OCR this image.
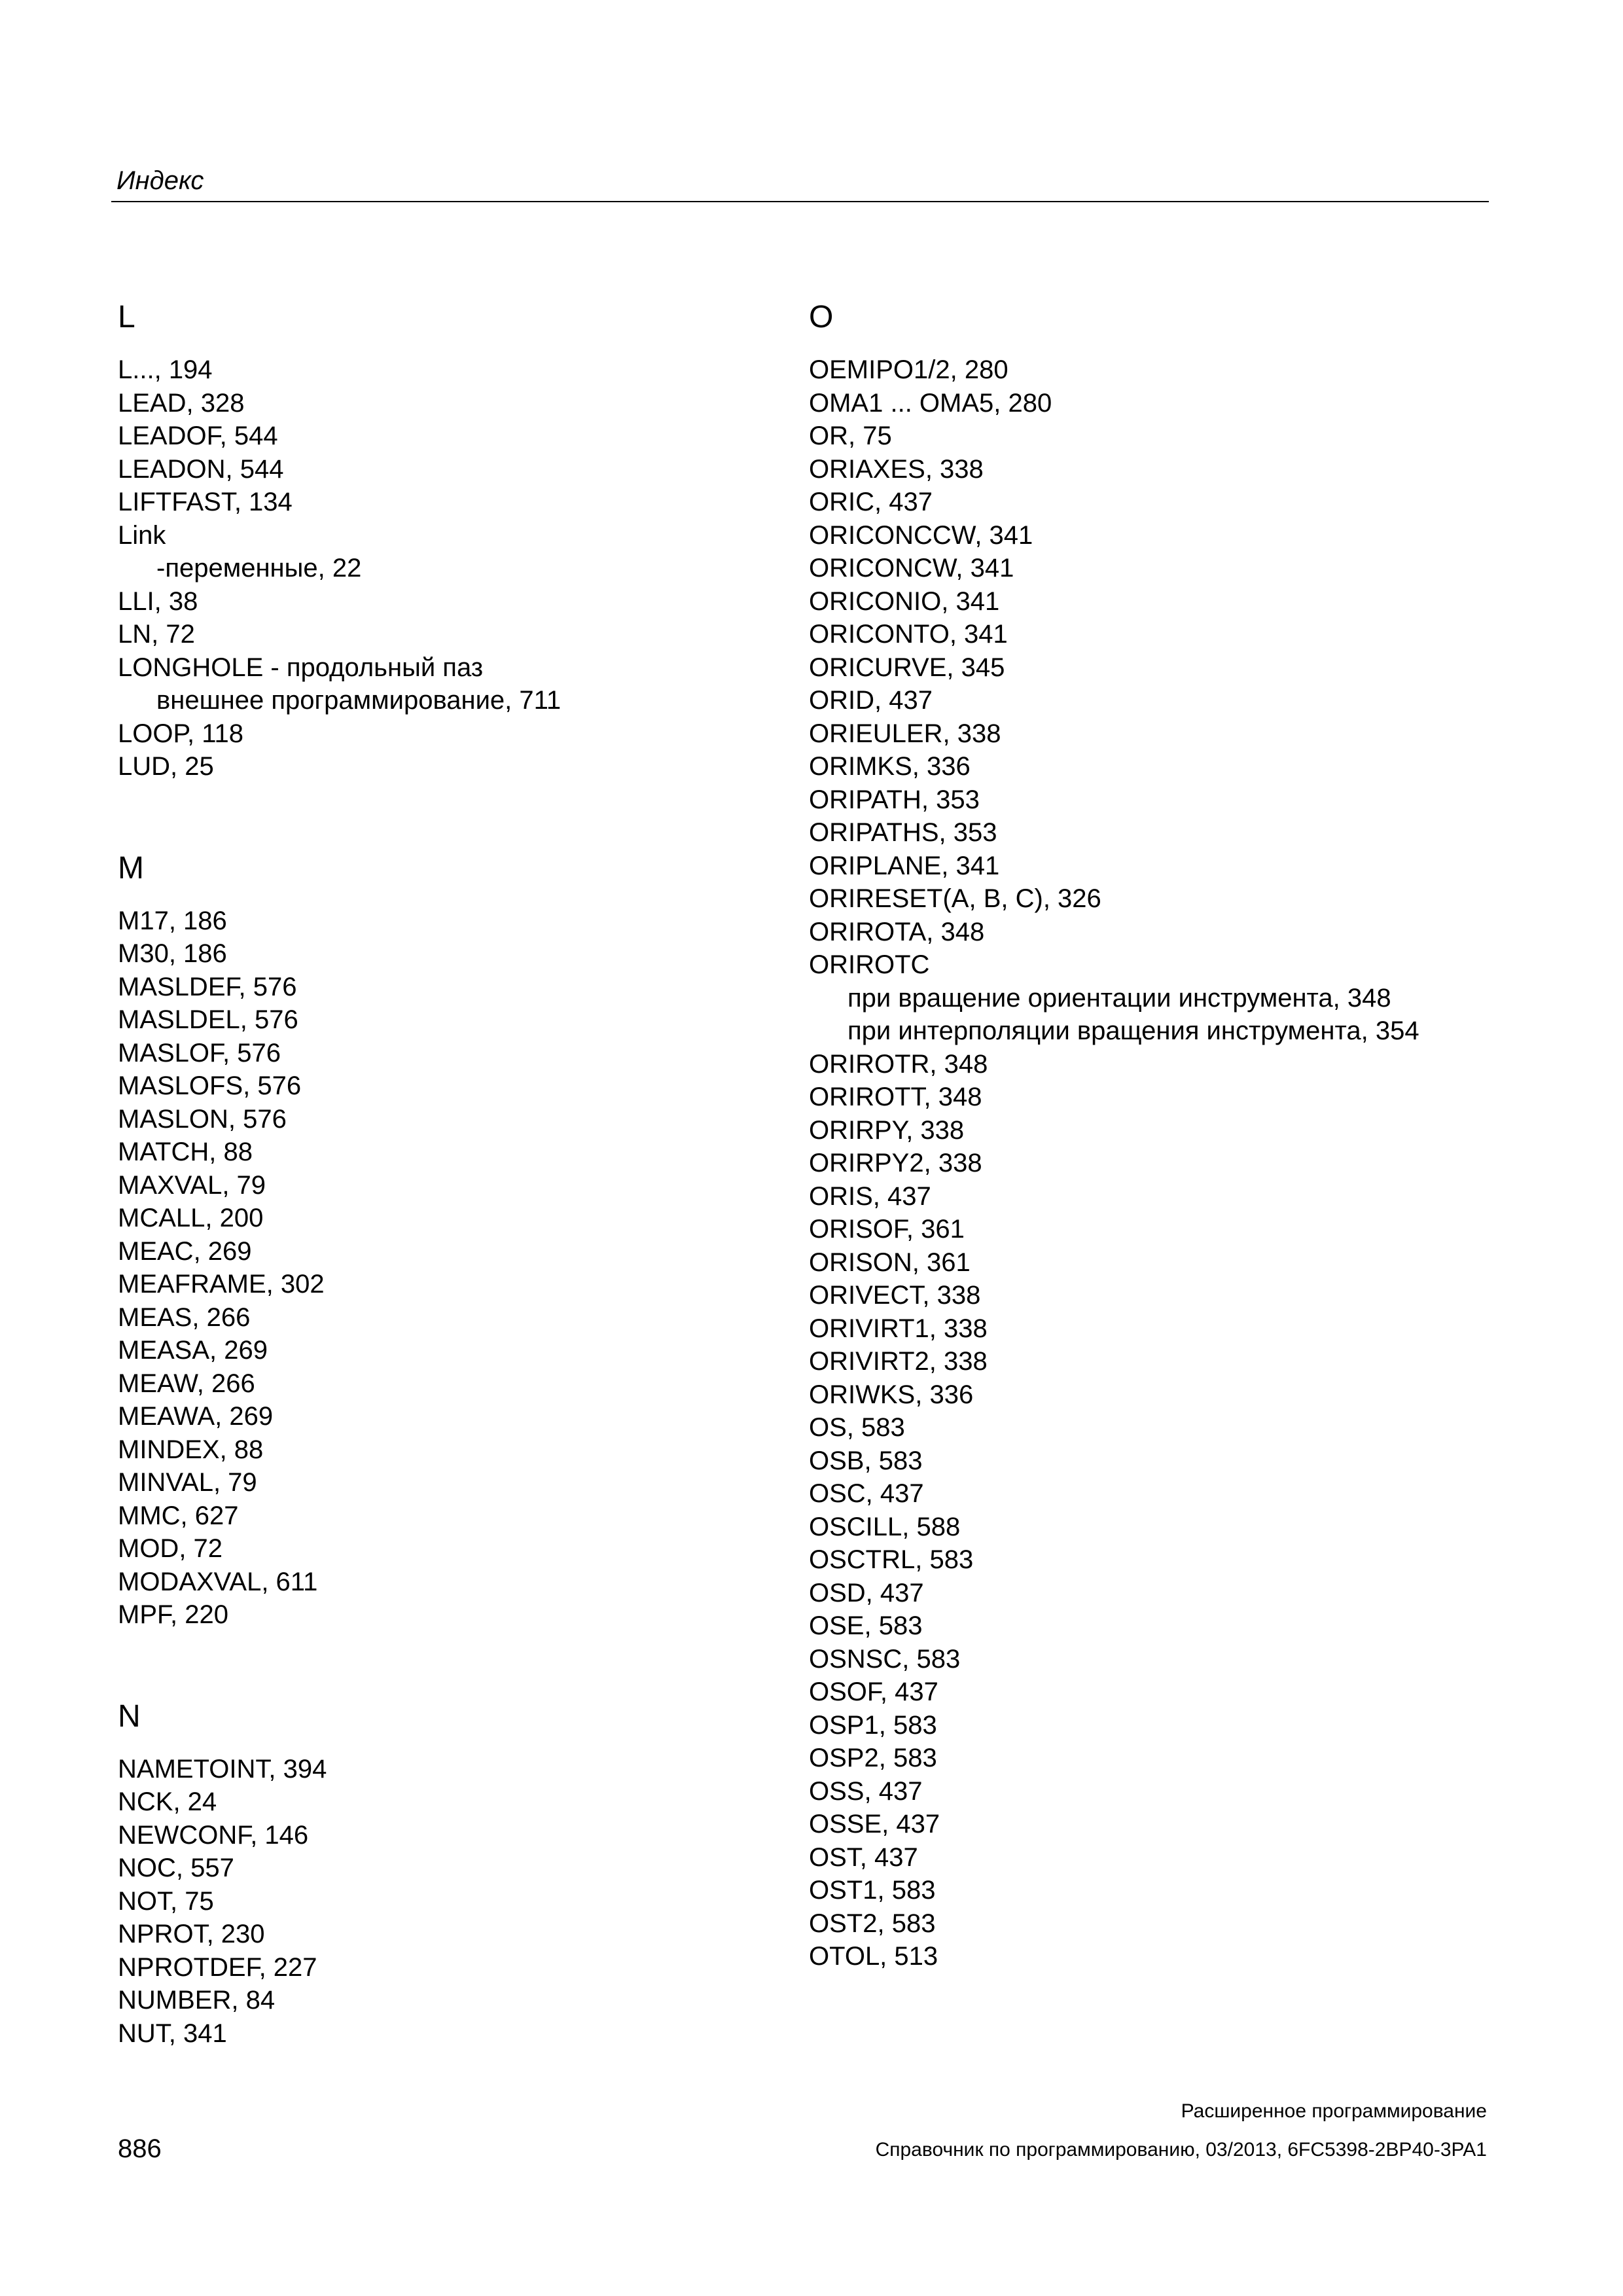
Индекс
L
L..., 194
LEAD, 328
LEADOF, 544
LEADON, 544
LIFTFAST, 134
Link
-переменные, 22
LLI, 38
LN, 72
LONGHOLE - продольный паз
внешнее программирование, 711
LOOP, 118
LUD, 25
M
M17, 186
M30, 186
MASLDEF, 576
MASLDEL, 576
MASLOF, 576
MASLOFS, 576
MASLON, 576
MATCH, 88
MAXVAL, 79
MCALL, 200
MEAC, 269
MEAFRAME, 302
MEAS, 266
MEASA, 269
MEAW, 266
MEAWA, 269
MINDEX, 88
MINVAL, 79
MMC, 627
MOD, 72
MODAXVAL, 611
MPF, 220
N
NAMETOINT, 394
NCK, 24
NEWCONF, 146
NOC, 557
NOT, 75
NPROT, 230
NPROTDEF, 227
NUMBER, 84
NUT, 341
O
OEMIPO1/2, 280
OMA1 ... OMA5, 280
OR, 75
ORIAXES, 338
ORIC, 437
ORICONCCW, 341
ORICONCW, 341
ORICONIO, 341
ORICONTO, 341
ORICURVE, 345
ORID, 437
ORIEULER, 338
ORIMKS, 336
ORIPATH, 353
ORIPATHS, 353
ORIPLANE, 341
ORIRESET(A, B, C), 326
ORIROTA, 348
ORIROTC
при вращение ориентации инструмента, 348
при интерполяции вращения инструмента, 354
ORIROTR, 348
ORIROTT, 348
ORIRPY, 338
ORIRPY2, 338
ORIS, 437
ORISOF, 361
ORISON, 361
ORIVECT, 338
ORIVIRT1, 338
ORIVIRT2, 338
ORIWKS, 336
OS, 583
OSB, 583
OSC, 437
OSCILL, 588
OSCTRL, 583
OSD, 437
OSE, 583
OSNSC, 583
OSOF, 437
OSP1, 583
OSP2, 583
OSS, 437
OSSE, 437
OST, 437
OST1, 583
OST2, 583
OTOL, 513
Расширенное программирование
886	Справочник по программированию, 03/2013, 6FC5398-2BP40-3PA1
